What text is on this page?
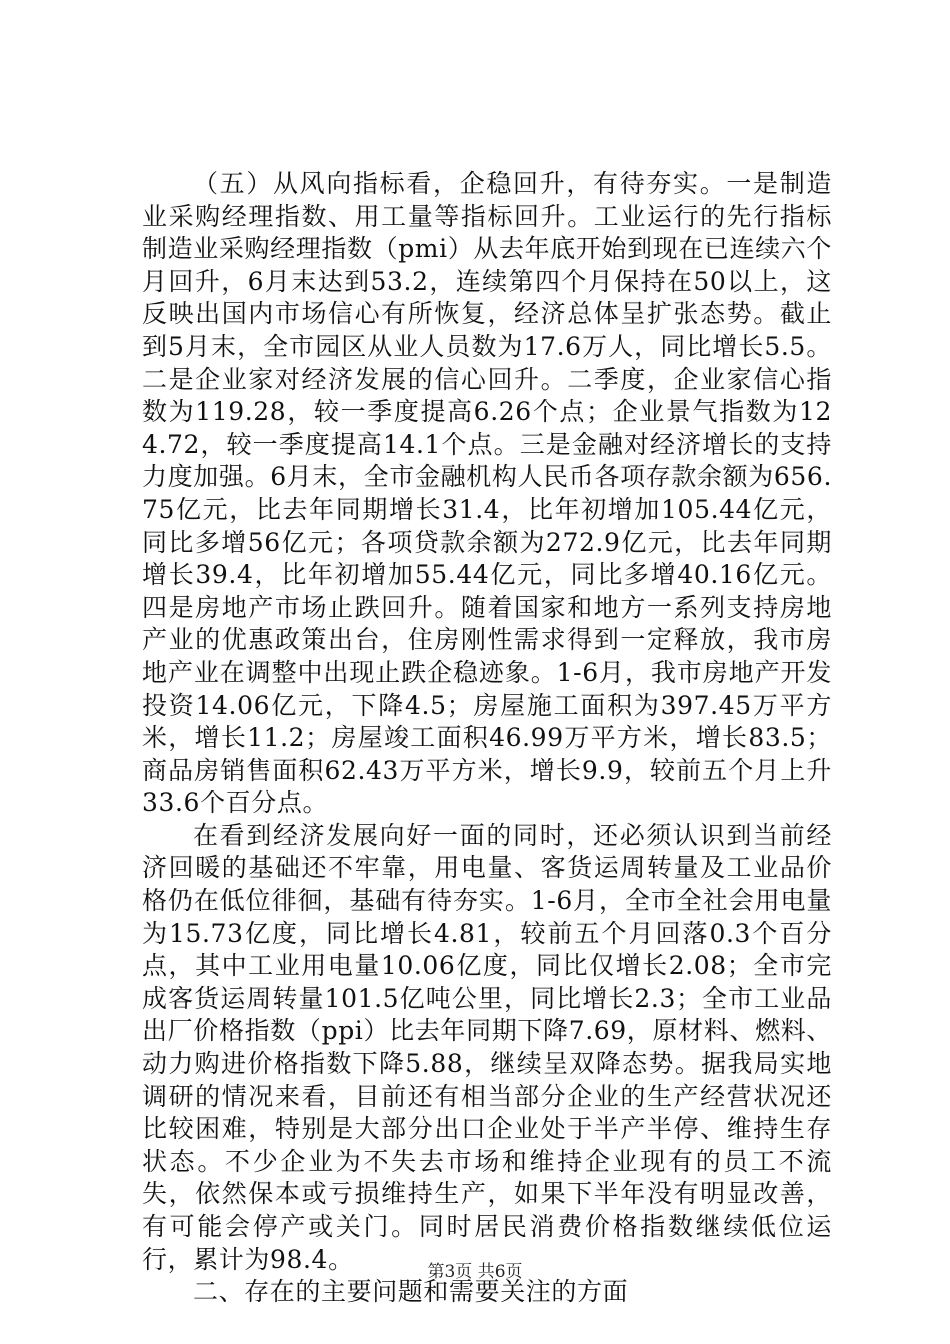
（五）从风向指标看，企稳回升，有待夯实。一是制造业采购经理指数、用工量等指标回升。工业运行的先行指标制造业采购经理指数（pmi）从去年底开始到现在已连续六个月回升，6月末达到53.2，连续第四个月保持在50以上，这反映出国内市场信心有所恢复，经济总体呈扩张态势。截止到5月末，全市园区从业人员数为17.6万人，同比增长5.5。二是企业家对经济发展的信心回升。二季度，企业家信心指数为119.28，较一季度提高6.26个点；企业景气指数为124.72，较一季度提高14.1个点。三是金融对经济增长的支持力度加强。6月末，全市金融机构人民币各项存款余额为656.75亿元，比去年同期增长31.4，比年初增加105.44亿元，同比多增56亿元；各项贷款余额为272.9亿元，比去年同期增长39.4，比年初增加55.44亿元，同比多增40.16亿元。四是房地产市场止跌回升。随着国家和地方一系列支持房地产业的优惠政策出台，住房刚性需求得到一定释放，我市房地产业在调整中出现止跌企稳迹象。1-6月，我市房地产开发投资14.06亿元，下降4.5；房屋施工面积为397.45万平方米，增长11.2；房屋竣工面积46.99万平方米，增长83.5；商品房销售面积62.43万平方米，增长9.9，较前五个月上升33.6个百分点。

在看到经济发展向好一面的同时，还必须认识到当前经济回暖的基础还不牢靠，用电量、客货运周转量及工业品价格仍在低位徘徊，基础有待夯实。1-6月，全市全社会用电量为15.73亿度，同比增长4.81，较前五个月回落0.3个百分点，其中工业用电量10.06亿度，同比仅增长2.08；全市完成客货运周转量101.5亿吨公里，同比增长2.3；全市工业品出厂价格指数（ppi）比去年同期下降7.69，原材料、燃料、动力购进价格指数下降5.88，继续呈双降态势。据我局实地调研的情况来看，目前还有相当部分企业的生产经营状况还比较困难，特别是大部分出口企业处于半产半停、维持生存状态。不少企业为不失去市场和维持企业现有的员工不流失，依然保本或亏损维持生产，如果下半年没有明显改善，有可能会停产或关门。同时居民消费价格指数继续低位运行，累计为98.4。

二、存在的主要问题和需要关注的方面

第3页 共6页
